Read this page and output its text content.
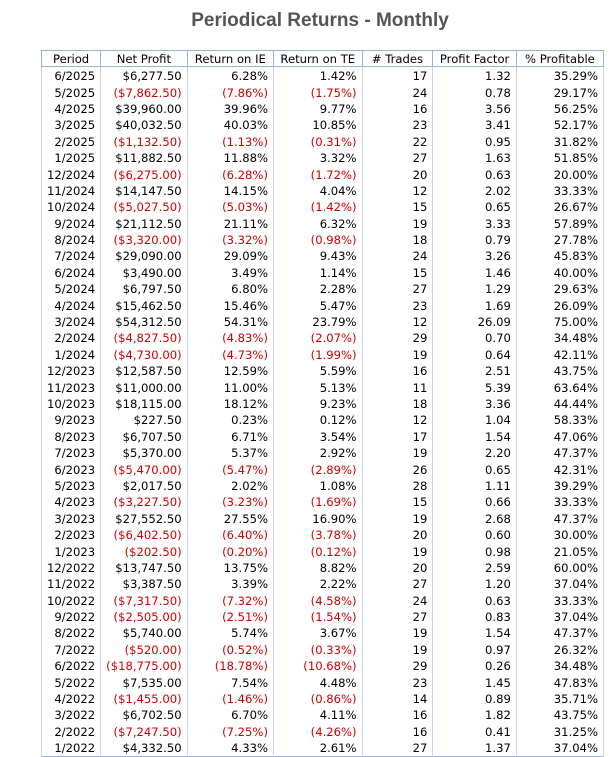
Periodical Returns - Monthly
Period	Net Profit	Return on IE	Return on TE	# Trades	Profit Factor	% Profitable
6/2025	$6,277.50	6.28%	1.42%	17	1.32	35.29%
5/2025	($7,862.50)	(7.86%)	(1.75%)	24	0.78	29.17%
4/2025	$39,960.00	39.96%	9.77%	16	3.56	56.25%
3/2025	$40,032.50	40.03%	10.85%	23	3.41	52.17%
2/2025	($1,132.50)	(1.13%)	(0.31%)	22	0.95	31.82%
1/2025	$11,882.50	11.88%	3.32%	27	1.63	51.85%
12/2024	($6,275.00)	(6.28%)	(1.72%)	20	0.63	20.00%
11/2024	$14,147.50	14.15%	4.04%	12	2.02	33.33%
10/2024	($5,027.50)	(5.03%)	(1.42%)	15	0.65	26.67%
9/2024	$21,112.50	21.11%	6.32%	19	3.33	57.89%
8/2024	($3,320.00)	(3.32%)	(0.98%)	18	0.79	27.78%
7/2024	$29,090.00	29.09%	9.43%	24	3.26	45.83%
6/2024	$3,490.00	3.49%	1.14%	15	1.46	40.00%
5/2024	$6,797.50	6.80%	2.28%	27	1.29	29.63%
4/2024	$15,462.50	15.46%	5.47%	23	1.69	26.09%
3/2024	$54,312.50	54.31%	23.79%	12	26.09	75.00%
2/2024	($4,827.50)	(4.83%)	(2.07%)	29	0.70	34.48%
1/2024	($4,730.00)	(4.73%)	(1.99%)	19	0.64	42.11%
12/2023	$12,587.50	12.59%	5.59%	16	2.51	43.75%
11/2023	$11,000.00	11.00%	5.13%	11	5.39	63.64%
10/2023	$18,115.00	18.12%	9.23%	18	3.36	44.44%
9/2023	$227.50	0.23%	0.12%	12	1.04	58.33%
8/2023	$6,707.50	6.71%	3.54%	17	1.54	47.06%
7/2023	$5,370.00	5.37%	2.92%	19	2.20	47.37%
6/2023	($5,470.00)	(5.47%)	(2.89%)	26	0.65	42.31%
5/2023	$2,017.50	2.02%	1.08%	28	1.11	39.29%
4/2023	($3,227.50)	(3.23%)	(1.69%)	15	0.66	33.33%
3/2023	$27,552.50	27.55%	16.90%	19	2.68	47.37%
2/2023	($6,402.50)	(6.40%)	(3.78%)	20	0.60	30.00%
1/2023	($202.50)	(0.20%)	(0.12%)	19	0.98	21.05%
12/2022	$13,747.50	13.75%	8.82%	20	2.59	60.00%
11/2022	$3,387.50	3.39%	2.22%	27	1.20	37.04%
10/2022	($7,317.50)	(7.32%)	(4.58%)	24	0.63	33.33%
9/2022	($2,505.00)	(2.51%)	(1.54%)	27	0.83	37.04%
8/2022	$5,740.00	5.74%	3.67%	19	1.54	47.37%
7/2022	($520.00)	(0.52%)	(0.33%)	19	0.97	26.32%
6/2022	($18,775.00)	(18.78%)	(10.68%)	29	0.26	34.48%
5/2022	$7,535.00	7.54%	4.48%	23	1.45	47.83%
4/2022	($1,455.00)	(1.46%)	(0.86%)	14	0.89	35.71%
3/2022	$6,702.50	6.70%	4.11%	16	1.82	43.75%
2/2022	($7,247.50)	(7.25%)	(4.26%)	16	0.41	31.25%
1/2022	$4,332.50	4.33%	2.61%	27	1.37	37.04%
